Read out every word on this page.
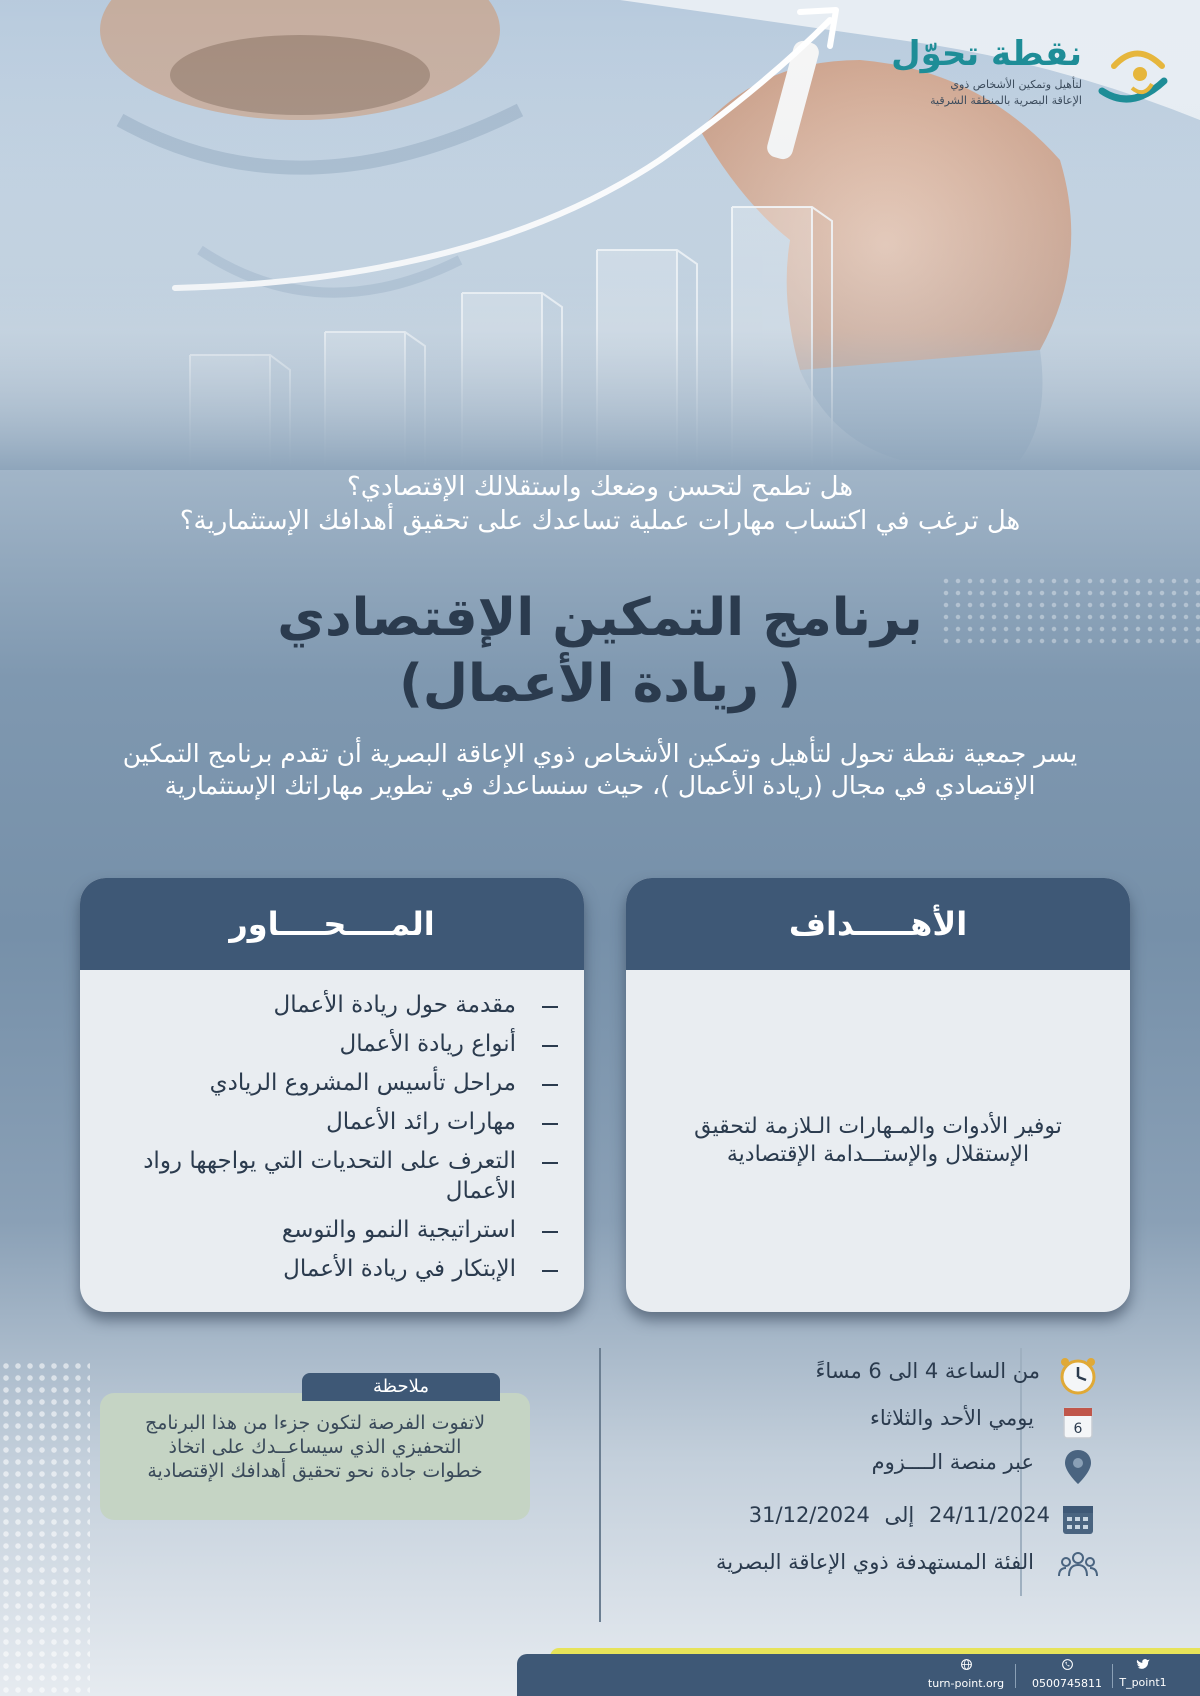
نقطة تحوّل
لتأهيل وتمكين الأشخاص ذوي
الإعاقة البصرية بالمنطقة الشرقية
هل تطمح لتحسن وضعك واستقلالك الإقتصادي؟
هل ترغب في اكتساب مهارات عملية تساعدك على تحقيق أهدافك الإستثمارية؟
برنامج التمكين الإقتصادي
( ريادة الأعمال)
يسر جمعية نقطة تحول لتأهيل وتمكين الأشخاص ذوي الإعاقة البصرية أن تقدم برنامج التمكين الإقتصادي في مجال (ريادة الأعمال )، حيث سنساعدك في تطوير مهاراتك الإستثمارية
الأهـــــداف
توفير الأدوات والمـهارات الـلازمة لتحقيق الإستقلال والإستـــدامة الإقتصادية
المــــحــــاور
مقدمة حول ريادة الأعمال
أنواع ريادة الأعمال
مراحل تأسيس المشروع الريادي
مهارات رائد الأعمال
التعرف على التحديات التي يواجهها رواد الأعمال
استراتيجية النمو والتوسع
الإبتكار في ريادة الأعمال
من الساعة 4 الى 6 مساءً
6
يومي الأحد والثلاثاء
عبر منصة الــــزوم
24/11/2024 إلى 31/12/2024
الفئة المستهدفة ذوي الإعاقة البصرية
لاتفوت الفرصة لتكون جزءا من هذا البرنامج التحفيزي الذي سيساعــدك على اتخاذ خطوات جادة نحو تحقيق أهدافك الإقتصادية
ملاحظة
T_point1
0500745811
turn-point.org
